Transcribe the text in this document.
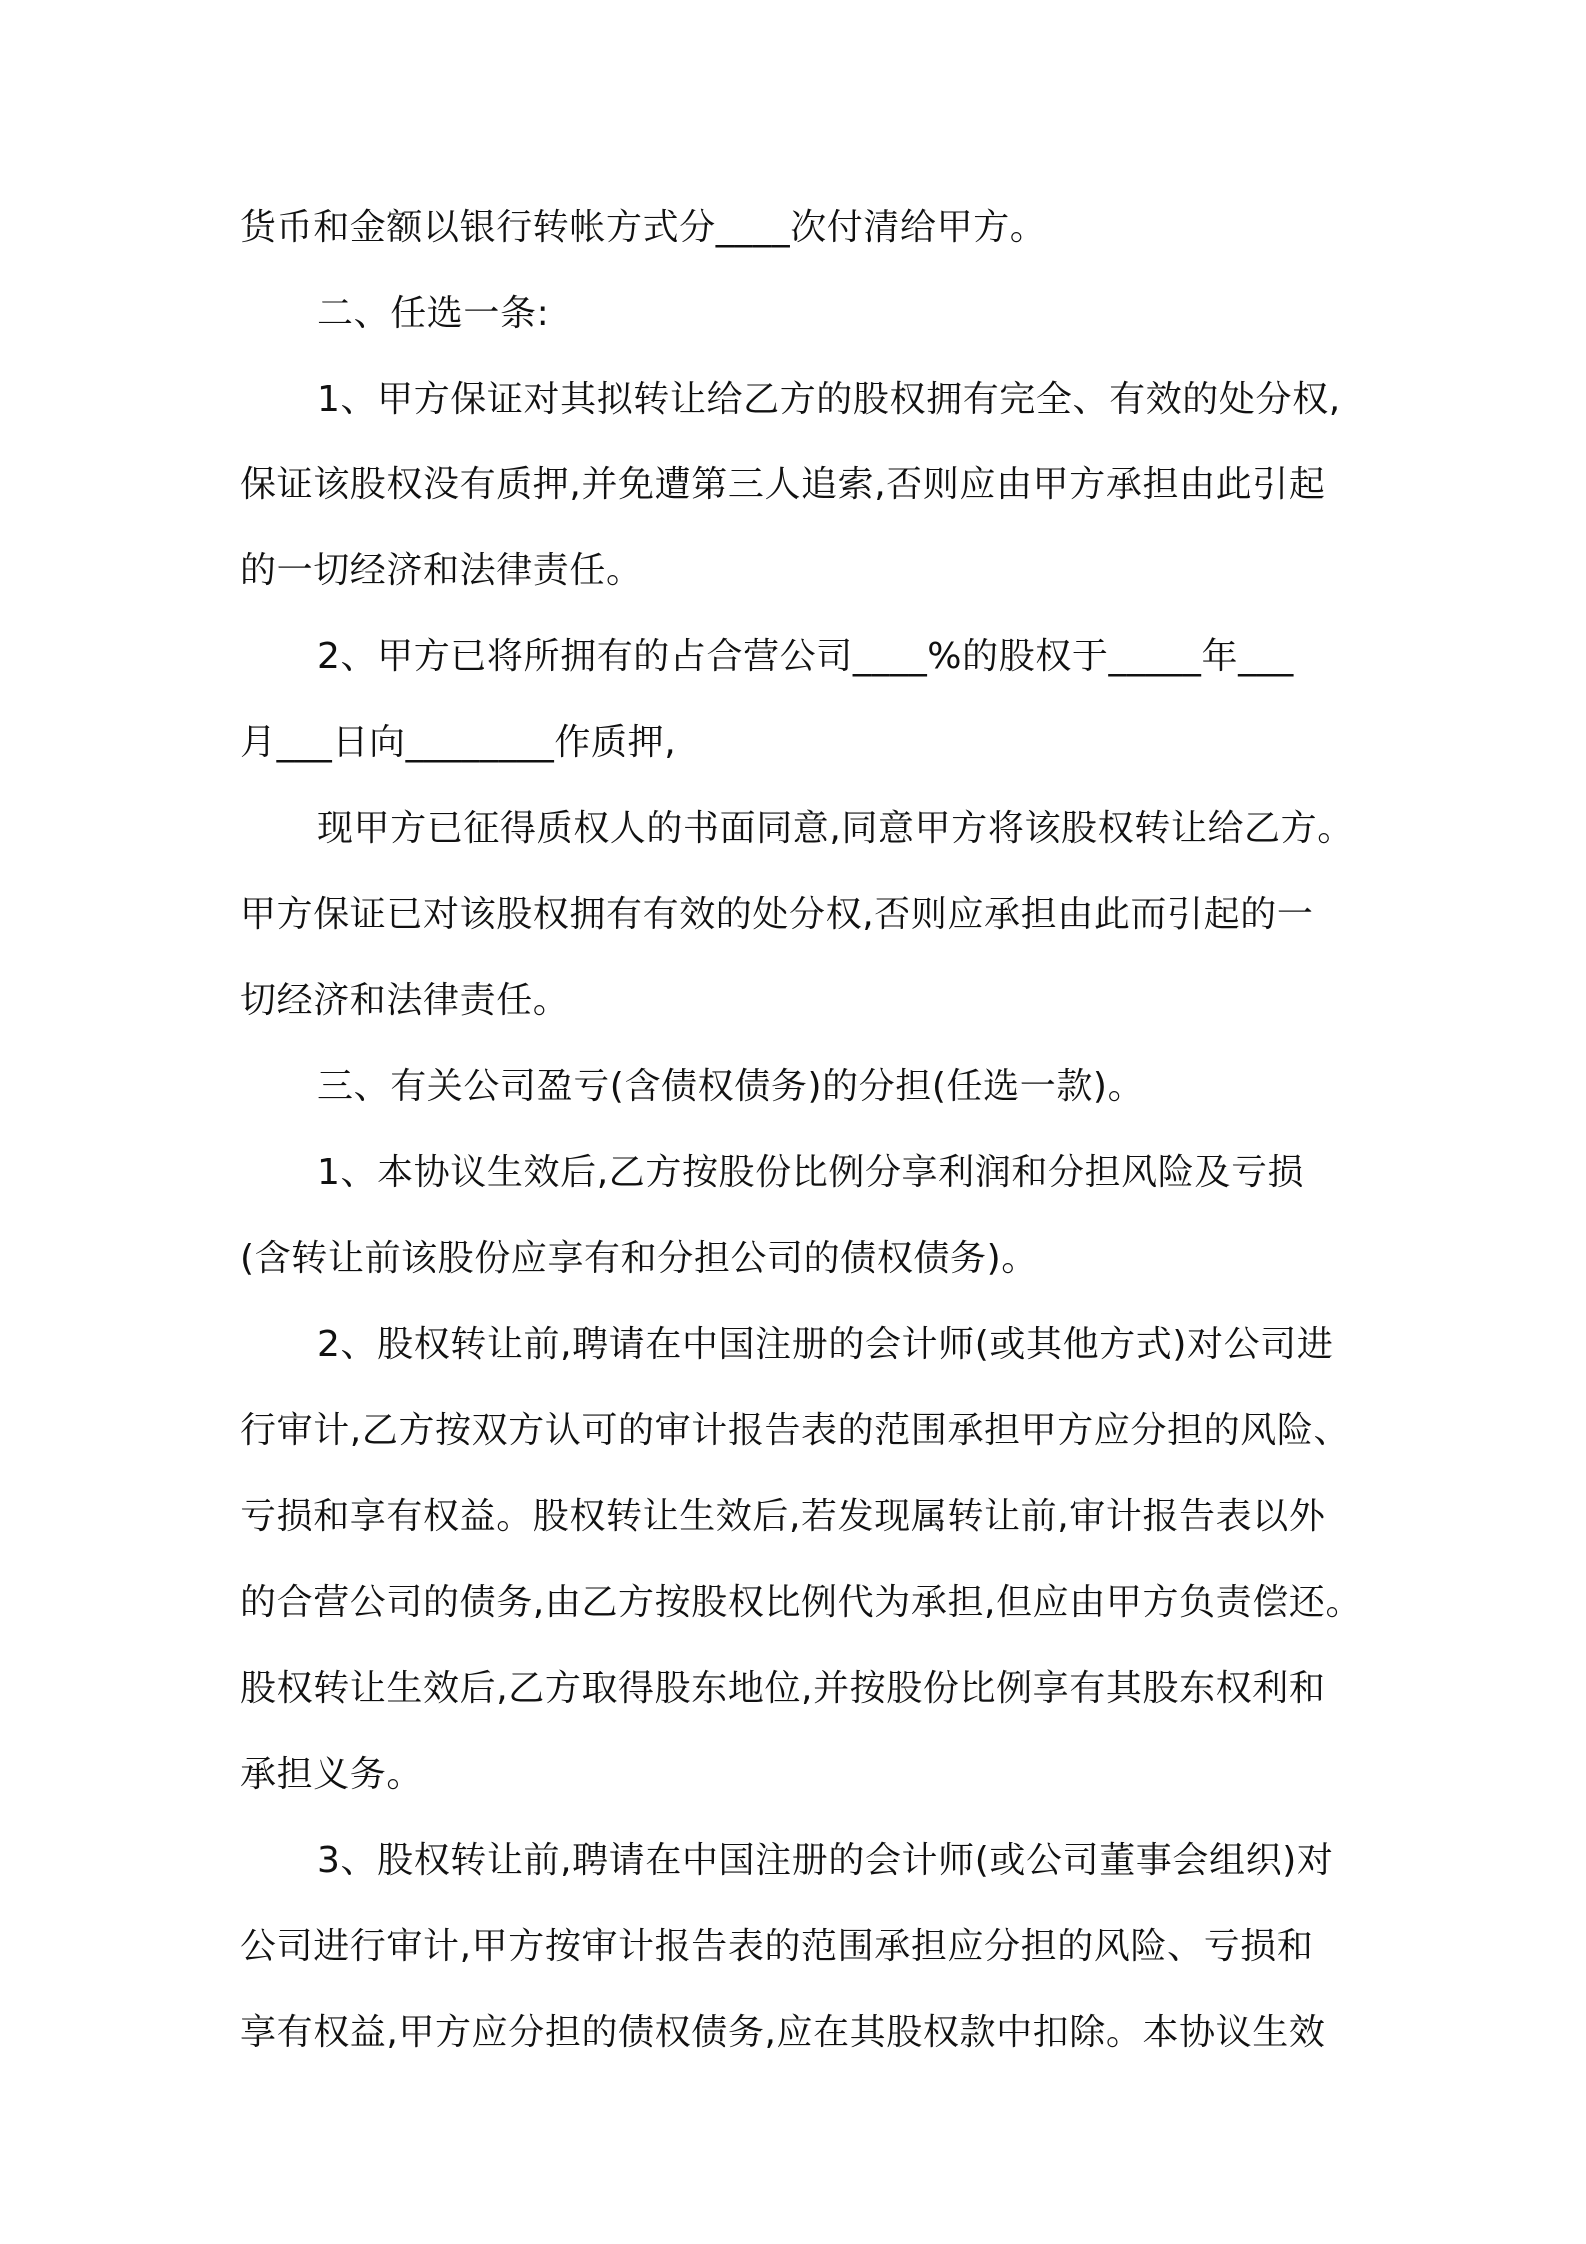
货币和金额以银行转帐方式分____次付清给甲方。
二、任选一条:
1、甲方保证对其拟转让给乙方的股权拥有完全、有效的处分权,
保证该股权没有质押,并免遭第三人追索,否则应由甲方承担由此引起
的一切经济和法律责任。
2、甲方已将所拥有的占合营公司____%的股权于_____年___
月___日向________作质押,
现甲方已征得质权人的书面同意,同意甲方将该股权转让给乙方。
甲方保证已对该股权拥有有效的处分权,否则应承担由此而引起的一
切经济和法律责任。
三、有关公司盈亏(含债权债务)的分担(任选一款)。
1、本协议生效后,乙方按股份比例分享利润和分担风险及亏损
(含转让前该股份应享有和分担公司的债权债务)。
2、股权转让前,聘请在中国注册的会计师(或其他方式)对公司进
行审计,乙方按双方认可的审计报告表的范围承担甲方应分担的风险、
亏损和享有权益。股权转让生效后,若发现属转让前,审计报告表以外
的合营公司的债务,由乙方按股权比例代为承担,但应由甲方负责偿还。
股权转让生效后,乙方取得股东地位,并按股份比例享有其股东权利和
承担义务。
3、股权转让前,聘请在中国注册的会计师(或公司董事会组织)对
公司进行审计,甲方按审计报告表的范围承担应分担的风险、亏损和
享有权益,甲方应分担的债权债务,应在其股权款中扣除。本协议生效
